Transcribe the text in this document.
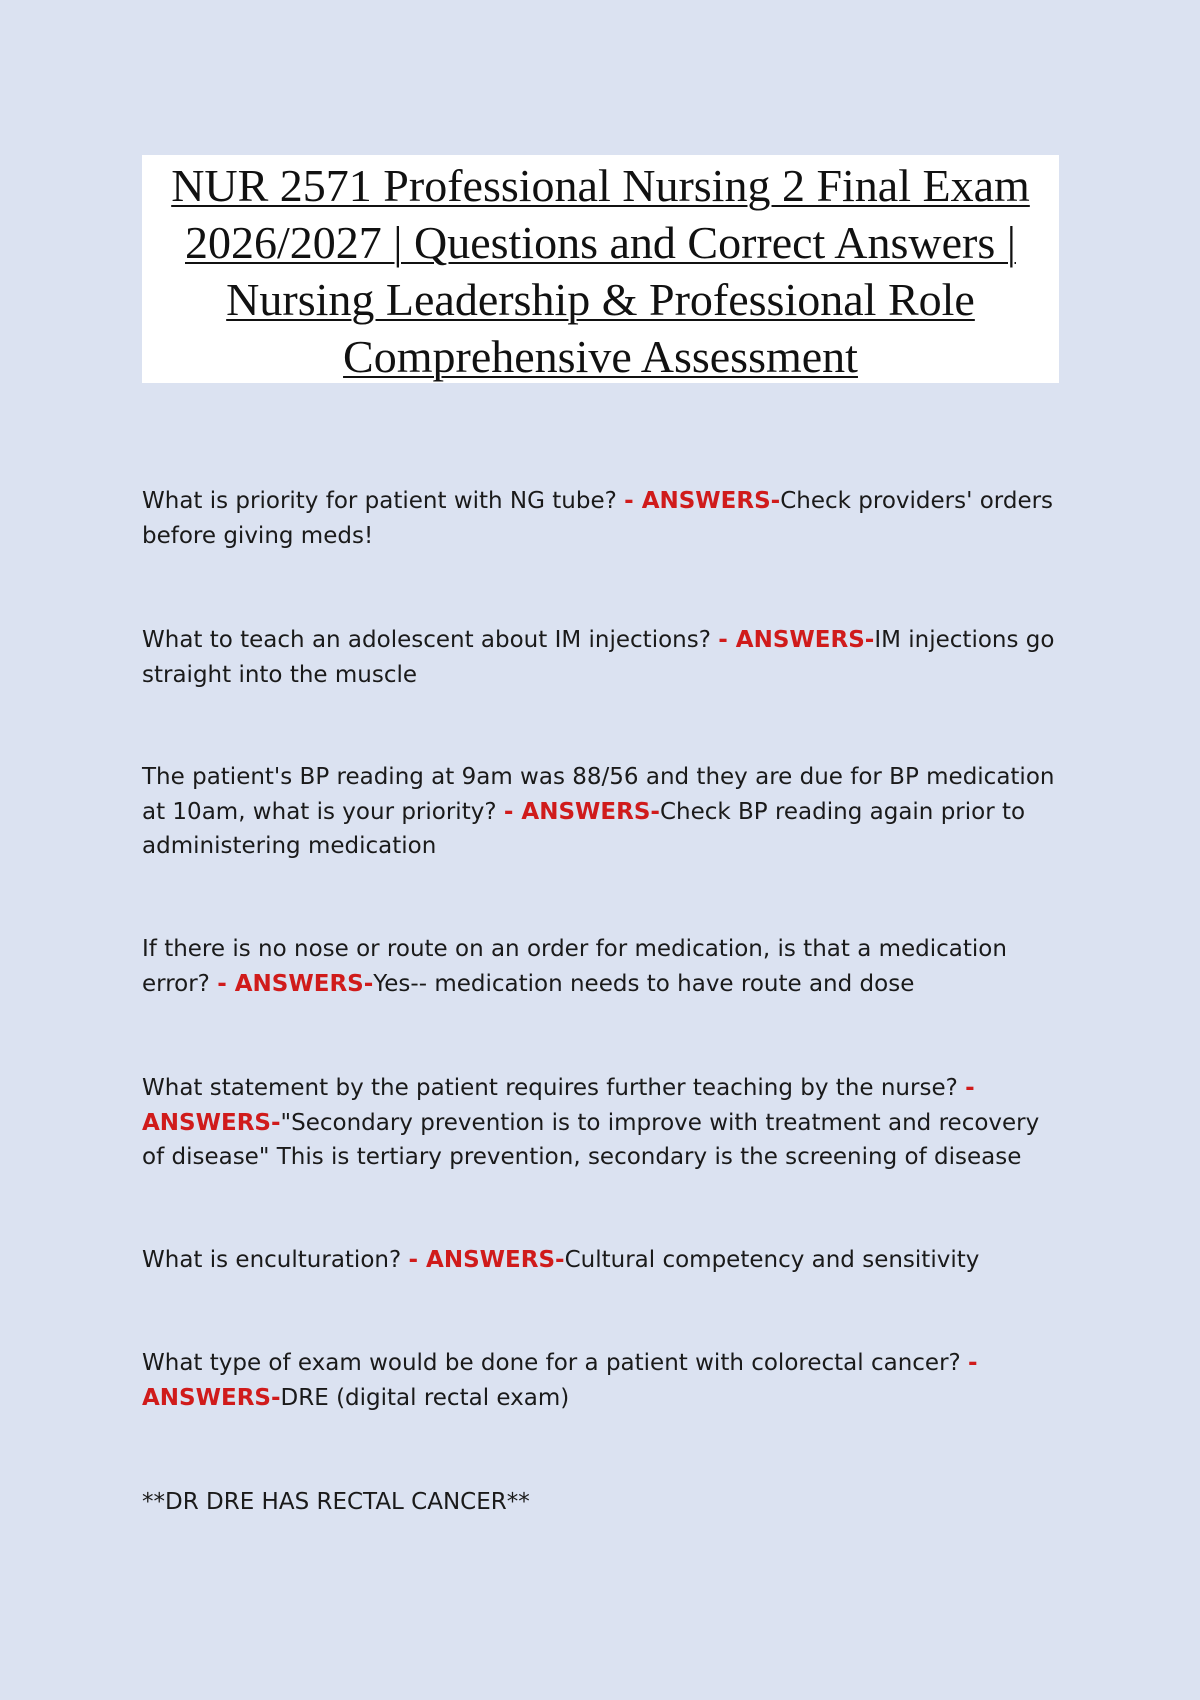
NUR 2571 Professional Nursing 2 Final Exam 2026/2027 | Questions and Correct Answers | Nursing Leadership & Professional Role Comprehensive Assessment

What is priority for patient with NG tube? - ANSWERS-Check providers' orders before giving meds!

What to teach an adolescent about IM injections? - ANSWERS-IM injections go straight into the muscle

The patient's BP reading at 9am was 88/56 and they are due for BP medication at 10am, what is your priority? - ANSWERS-Check BP reading again prior to administering medication

If there is no nose or route on an order for medication, is that a medication error? - ANSWERS-Yes-- medication needs to have route and dose

What statement by the patient requires further teaching by the nurse? - ANSWERS-"Secondary prevention is to improve with treatment and recovery of disease" This is tertiary prevention, secondary is the screening of disease

What is enculturation? - ANSWERS-Cultural competency and sensitivity

What type of exam would be done for a patient with colorectal cancer? - ANSWERS-DRE (digital rectal exam)

**DR DRE HAS RECTAL CANCER**
